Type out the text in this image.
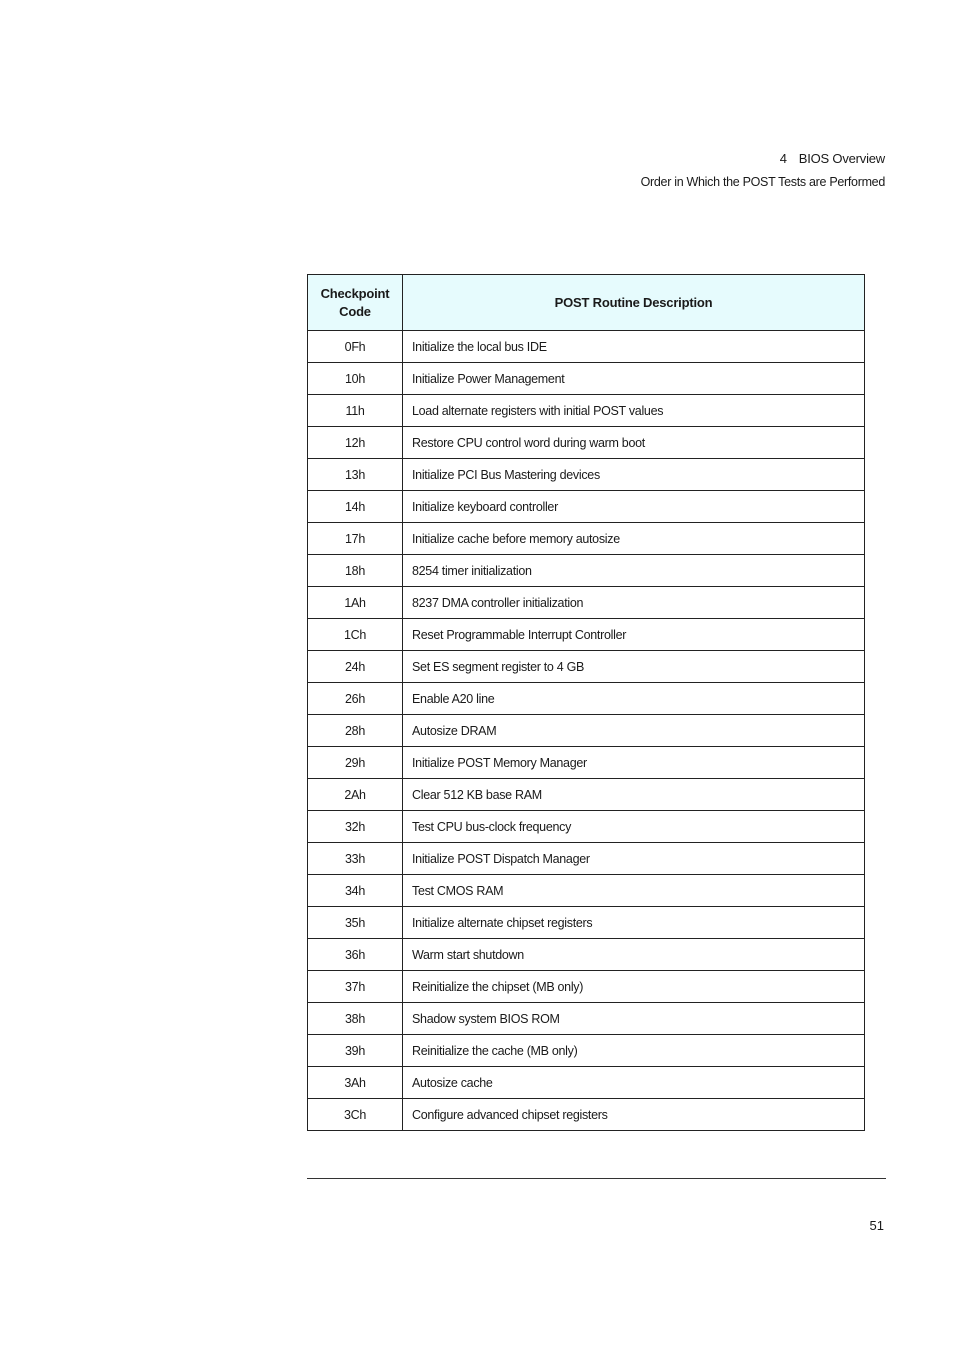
4 BIOS Overview
Order in Which the POST Tests are Performed
Checkpoint Code	POST Routine Description
0Fh	Initialize the local bus IDE
10h	Initialize Power Management
11h	Load alternate registers with initial POST values
12h	Restore CPU control word during warm boot
13h	Initialize PCI Bus Mastering devices
14h	Initialize keyboard controller
17h	Initialize cache before memory autosize
18h	8254 timer initialization
1Ah	8237 DMA controller initialization
1Ch	Reset Programmable Interrupt Controller
24h	Set ES segment register to 4 GB
26h	Enable A20 line
28h	Autosize DRAM
29h	Initialize POST Memory Manager
2Ah	Clear 512 KB base RAM
32h	Test CPU bus-clock frequency
33h	Initialize POST Dispatch Manager
34h	Test CMOS RAM
35h	Initialize alternate chipset registers
36h	Warm start shutdown
37h	Reinitialize the chipset (MB only)
38h	Shadow system BIOS ROM
39h	Reinitialize the cache (MB only)
3Ah	Autosize cache
3Ch	Configure advanced chipset registers
51
